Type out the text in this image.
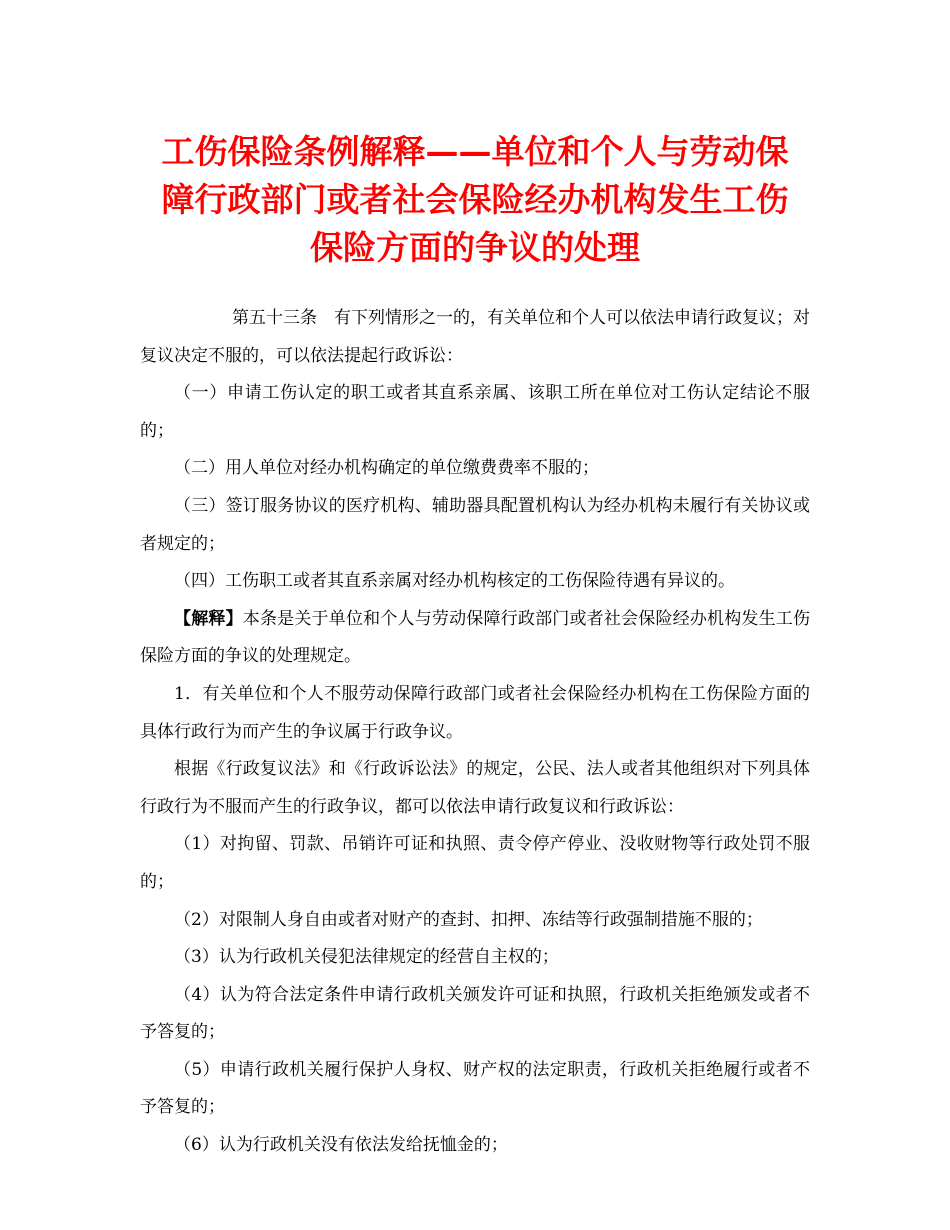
工伤保险条例解释——单位和个人与劳动保
障行政部门或者社会保险经办机构发生工伤
保险方面的争议的处理

第五十三条　有下列情形之一的，有关单位和个人可以依法申请行政复议；对复议决定不服的，可以依法提起行政诉讼：

（一）申请工伤认定的职工或者其直系亲属、该职工所在单位对工伤认定结论不服的；

（二）用人单位对经办机构确定的单位缴费费率不服的；

（三）签订服务协议的医疗机构、辅助器具配置机构认为经办机构未履行有关协议或者规定的；

（四）工伤职工或者其直系亲属对经办机构核定的工伤保险待遇有异议的。

【解释】本条是关于单位和个人与劳动保障行政部门或者社会保险经办机构发生工伤保险方面的争议的处理规定。

1．有关单位和个人不服劳动保障行政部门或者社会保险经办机构在工伤保险方面的具体行政行为而产生的争议属于行政争议。

根据《行政复议法》和《行政诉讼法》的规定，公民、法人或者其他组织对下列具体行政行为不服而产生的行政争议，都可以依法申请行政复议和行政诉讼：

（1）对拘留、罚款、吊销许可证和执照、责令停产停业、没收财物等行政处罚不服的；

（2）对限制人身自由或者对财产的查封、扣押、冻结等行政强制措施不服的；

（3）认为行政机关侵犯法律规定的经营自主权的；

（4）认为符合法定条件申请行政机关颁发许可证和执照，行政机关拒绝颁发或者不予答复的；

（5）申请行政机关履行保护人身权、财产权的法定职责，行政机关拒绝履行或者不予答复的；

（6）认为行政机关没有依法发给抚恤金的；
